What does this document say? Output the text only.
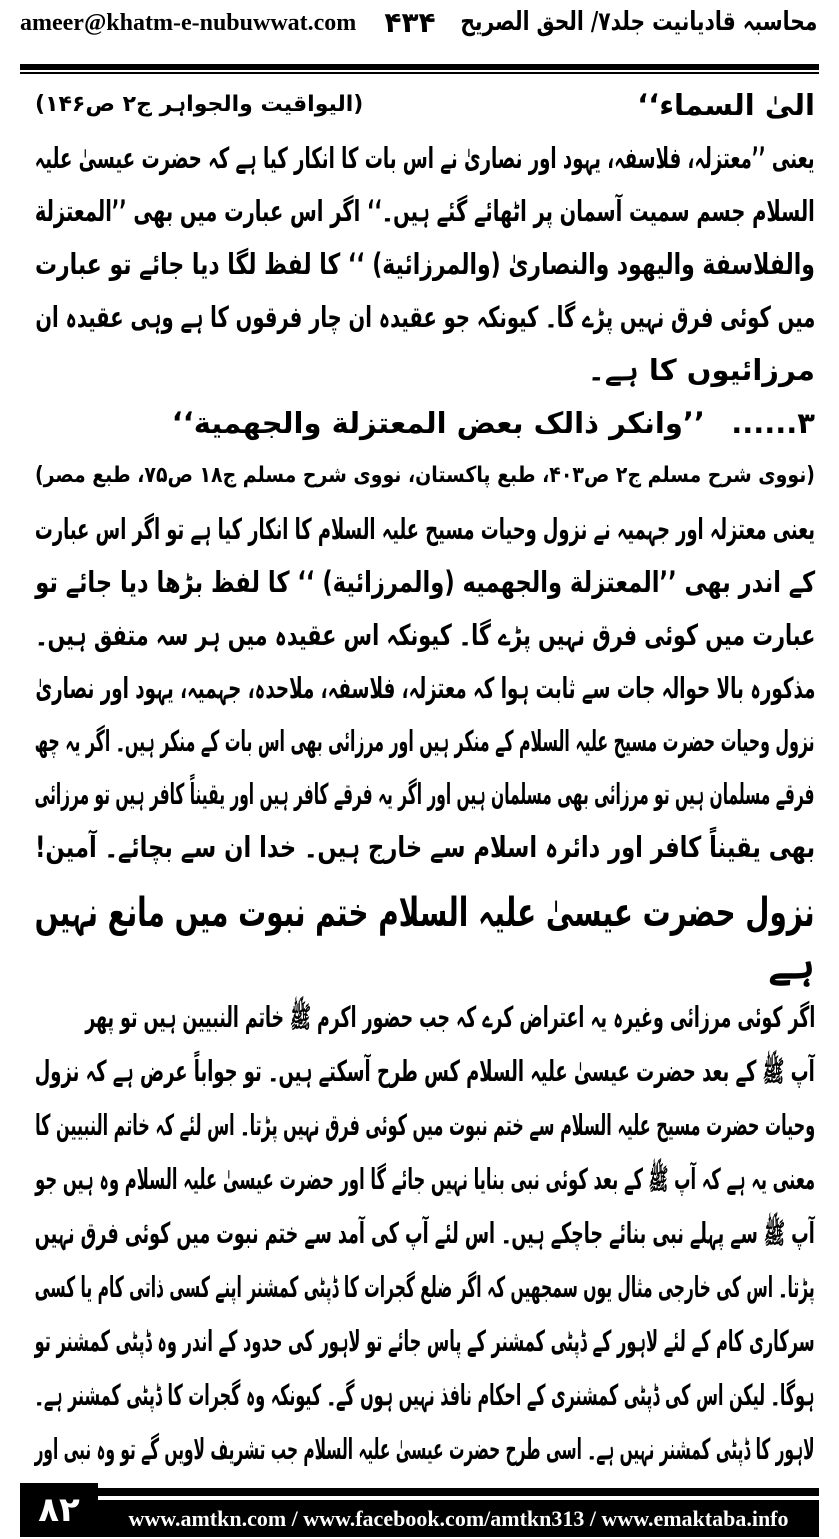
ameer@khatm-e-nubuwwat.com	۴۳۴ محاسبہ قادیانیت جلد۷/ الحق الصریح
الیٰ السماء‘‘
(الیواقیت والجواہر ج۲ ص۱۴۶)
یعنی ’’معتزلہ، فلاسفہ، یہود اور نصاریٰ نے اس بات کا انکار کیا ہے کہ حضرت عیسیٰ علیہ
السلام جسم سمیت آسمان پر اٹھائے گئے ہیں۔‘‘ اگر اس عبارت میں بھی ’’المعتزلة
والفلاسفة والیهود والنصاریٰ (والمرزائیة) ‘‘ کا لفظ لگا دیا جائے تو عبارت
میں کوئی فرق نہیں پڑے گا۔ کیونکہ جو عقیدہ ان چار فرقوں کا ہے وہی عقیدہ ان
مرزائیوں کا ہے۔
۳...... ’’وانکر ذالک بعض المعتزلة والجهمیة‘‘
(نووی شرح مسلم ج۲ ص۴۰۳، طبع پاکستان، نووی شرح مسلم ج۱۸ ص۷۵، طبع مصر)
یعنی معتزلہ اور جہمیہ نے نزول وحیات مسیح علیہ السلام کا انکار کیا ہے تو اگر اس عبارت
کے اندر بھی ’’المعتزلة والجهمیه (والمرزائیة) ‘‘ کا لفظ بڑھا دیا جائے تو
عبارت میں کوئی فرق نہیں پڑے گا۔ کیونکہ اس عقیدہ میں ہر سہ متفق ہیں۔
مذکورہ بالا حوالہ جات سے ثابت ہوا کہ معتزلہ، فلاسفہ، ملاحدہ، جہمیہ، یہود اور نصاریٰ
نزول وحیات حضرت مسیح علیہ السلام کے منکر ہیں اور مرزائی بھی اس بات کے منکر ہیں۔ اگر یہ چھ
فرقے مسلمان ہیں تو مرزائی بھی مسلمان ہیں اور اگر یہ فرقے کافر ہیں اور یقیناً کافر ہیں تو مرزائی
بھی یقیناً کافر اور دائرہ اسلام سے خارج ہیں۔ خدا ان سے بچائے۔ آمین!
نزول حضرت عیسیٰ علیہ السلام ختم نبوت میں مانع نہیں
ہے
اگر کوئی مرزائی وغیرہ یہ اعتراض کرے کہ جب حضور اکرم ﷺ خاتم النبیین ہیں تو پھر
آپ ﷺ کے بعد حضرت عیسیٰ علیہ السلام کس طرح آسکتے ہیں۔ تو جواباً عرض ہے کہ نزول
وحیات حضرت مسیح علیہ السلام سے ختم نبوت میں کوئی فرق نہیں پڑتا۔ اس لئے کہ خاتم النبیین کا
معنی یہ ہے کہ آپ ﷺ کے بعد کوئی نبی بنایا نہیں جائے گا اور حضرت عیسیٰ علیہ السلام وہ ہیں جو
آپ ﷺ سے پہلے نبی بنائے جاچکے ہیں۔ اس لئے آپ کی آمد سے ختم نبوت میں کوئی فرق نہیں
پڑتا۔ اس کی خارجی مثال یوں سمجھیں کہ اگر ضلع گجرات کا ڈپٹی کمشنر اپنے کسی ذاتی کام یا کسی
سرکاری کام کے لئے لاہور کے ڈپٹی کمشنر کے پاس جائے تو لاہور کی حدود کے اندر وہ ڈپٹی کمشنر تو
ہوگا۔ لیکن اس کی ڈپٹی کمشنری کے احکام نافذ نہیں ہوں گے۔ کیونکہ وہ گجرات کا ڈپٹی کمشنر ہے۔
لاہور کا ڈپٹی کمشنر نہیں ہے۔ اسی طرح حضرت عیسیٰ علیہ السلام جب تشریف لاویں گے تو وہ نبی اور
۸۲	www.amtkn.com / www.facebook.com/amtkn313 / www.emaktaba.info
